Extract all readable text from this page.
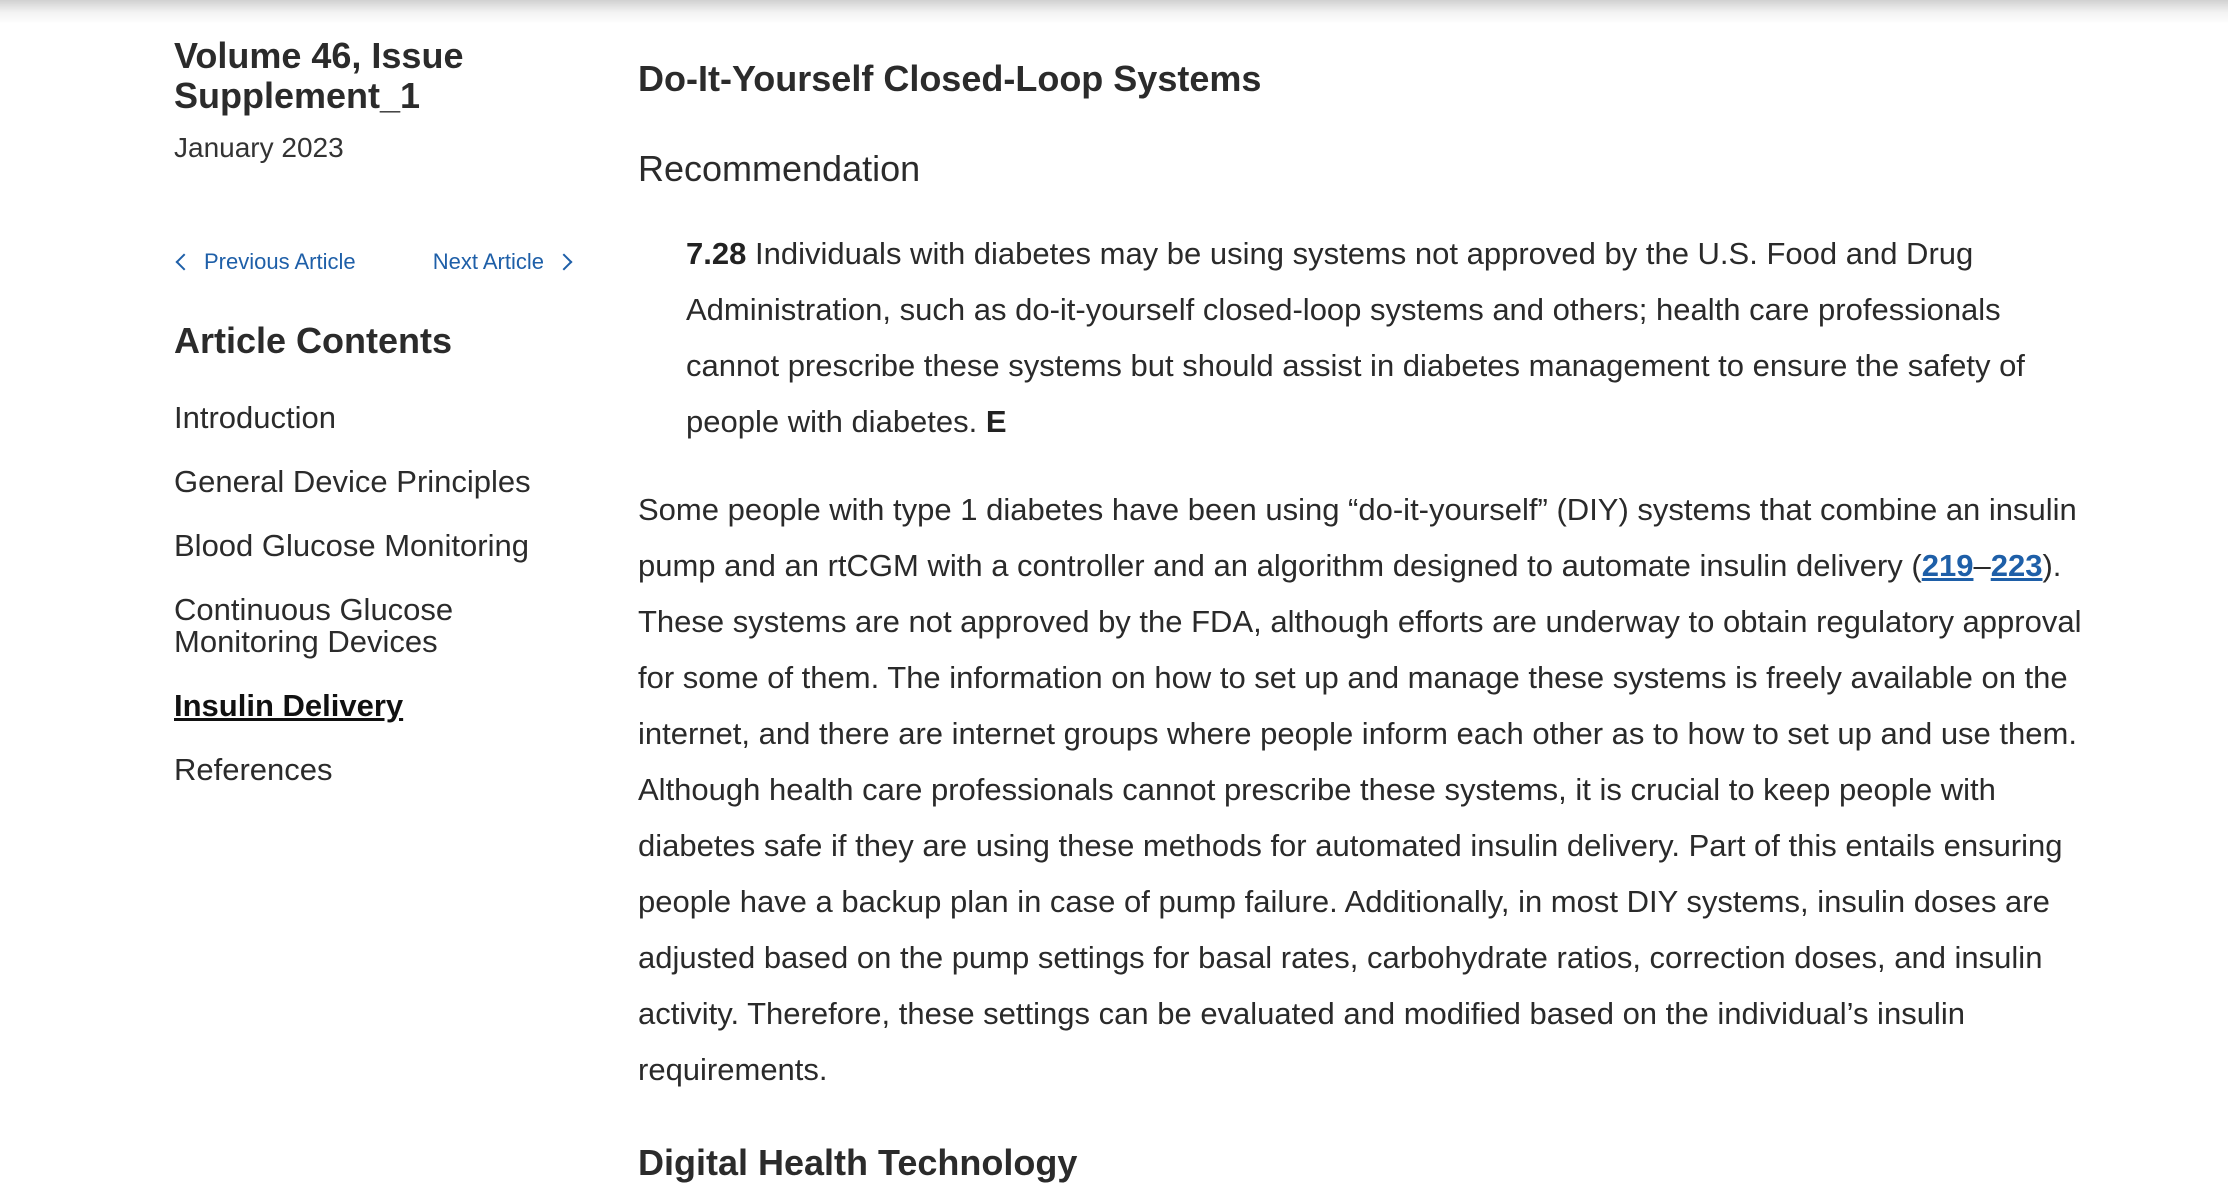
Volume 46, Issue Supplement_1
January 2023
Previous Article	Next Article
Article Contents
Introduction
General Device Principles
Blood Glucose Monitoring
Continuous Glucose Monitoring Devices
Insulin Delivery
References
Do-It-Yourself Closed-Loop Systems
Recommendation

7.28 Individuals with diabetes may be using systems not approved by the U.S. Food and Drug Administration, such as do-it-yourself closed-loop systems and others; health care professionals cannot prescribe these systems but should assist in diabetes management to ensure the safety of people with diabetes. E

Some people with type 1 diabetes have been using “do-it-yourself” (DIY) systems that combine an insulin pump and an rtCGM with a controller and an algorithm designed to automate insulin delivery (219–223). These systems are not approved by the FDA, although efforts are underway to obtain regulatory approval for some of them. The information on how to set up and manage these systems is freely available on the internet, and there are internet groups where people inform each other as to how to set up and use them. Although health care professionals cannot prescribe these systems, it is crucial to keep people with diabetes safe if they are using these methods for automated insulin delivery. Part of this entails ensuring people have a backup plan in case of pump failure. Additionally, in most DIY systems, insulin doses are adjusted based on the pump settings for basal rates, carbohydrate ratios, correction doses, and insulin activity. Therefore, these settings can be evaluated and modified based on the individual’s insulin requirements.

Digital Health Technology
